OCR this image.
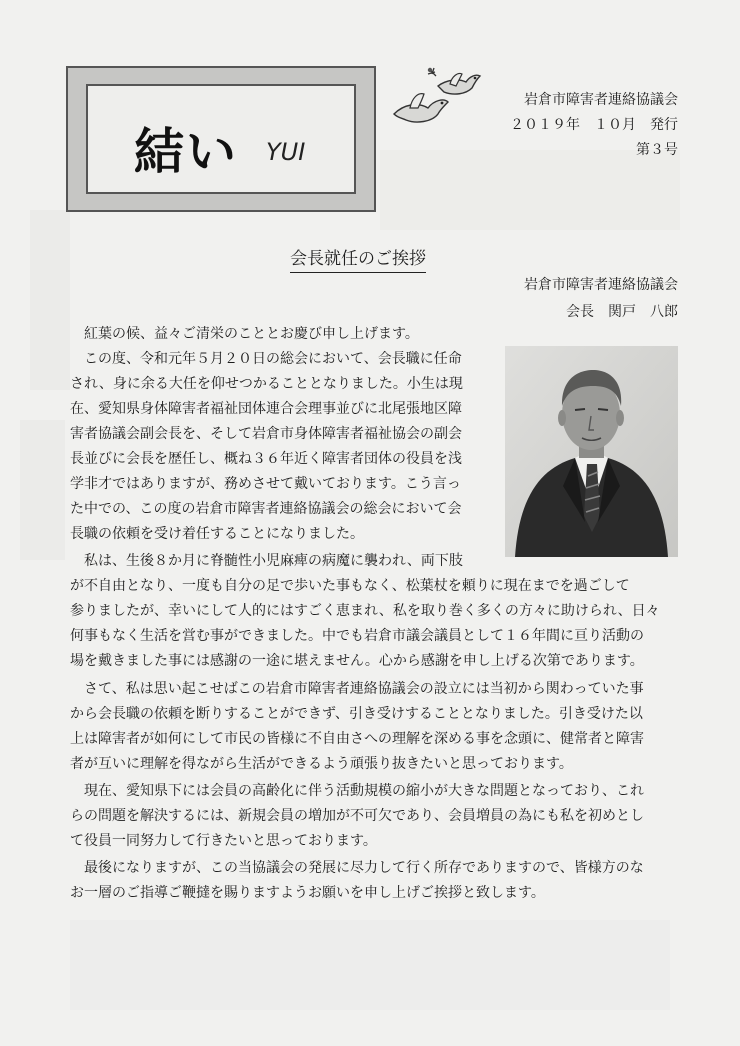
結い YUI
岩倉市障害者連絡協議会
２０１９年　１０月　発行
第３号
会長就任のご挨拶
岩倉市障害者連絡協議会
会長　関戸　八郎
紅葉の候、益々ご清栄のこととお慶び申し上げます。
この度、令和元年５月２０日の総会において、会長職に任命
され、身に余る大任を仰せつかることとなりました。小生は現
在、愛知県身体障害者福祉団体連合会理事並びに北尾張地区障
害者協議会副会長を、そして岩倉市身体障害者福祉協会の副会
長並びに会長を歴任し、概ね３６年近く障害者団体の役員を浅
学非才ではありますが、務めさせて戴いております。こう言っ
た中での、この度の岩倉市障害者連絡協議会の総会において会
長職の依頼を受け着任することになりました。
私は、生後８か月に脊髄性小児麻痺の病魔に襲われ、両下肢
が不自由となり、一度も自分の足で歩いた事もなく、松葉杖を頼りに現在までを過ごして
参りましたが、幸いにして人的にはすごく恵まれ、私を取り巻く多くの方々に助けられ、日々
何事もなく生活を営む事ができました。中でも岩倉市議会議員として１６年間に亘り活動の
場を戴きました事には感謝の一途に堪えません。心から感謝を申し上げる次第であります。
さて、私は思い起こせばこの岩倉市障害者連絡協議会の設立には当初から関わっていた事
から会長職の依頼を断りすることができず、引き受けすることとなりました。引き受けた以
上は障害者が如何にして市民の皆様に不自由さへの理解を深める事を念頭に、健常者と障害
者が互いに理解を得ながら生活ができるよう頑張り抜きたいと思っております。
現在、愛知県下には会員の高齢化に伴う活動規模の縮小が大きな問題となっており、これ
らの問題を解決するには、新規会員の増加が不可欠であり、会員増員の為にも私を初めとし
て役員一同努力して行きたいと思っております。
最後になりますが、この当協議会の発展に尽力して行く所存でありますので、皆様方のな
お一層のご指導ご鞭撻を賜りますようお願いを申し上げご挨拶と致します。
